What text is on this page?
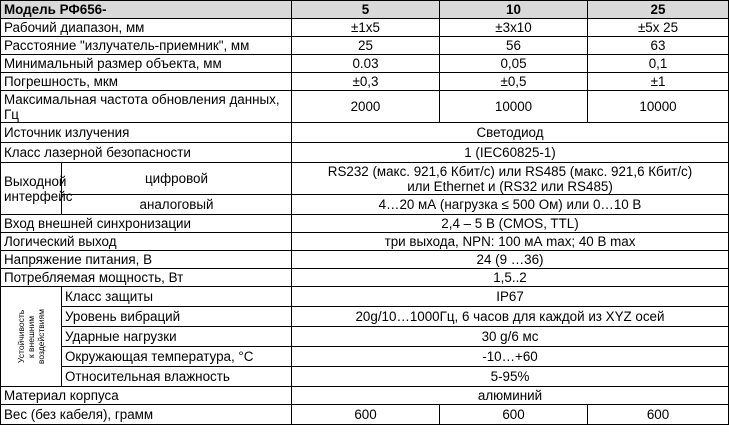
Модель РФ656-		5	10	25
Рабочий диапазон, мм		±1x5	±3x10	±5x 25
Расстояние "излучатель-приемник", мм		25	56	63
Минимальный размер объекта, мм		0.03	0,05	0,1
Погрешность, мкм		±0,3	±0,5	±1

Максимальная частота обновления данных,
Гц		2000	10000	10000
Источник излучения		Светодиод		
Класс лазерной безопасности		1 (IEC60825-1)		

Выходной
интерфейс	цифровой	RS232 (макс. 921,6 Кбит/с) или RS485 (макс. 921,6 Кбит/с)
или Ethernet и (RS32 или RS485)		

	аналоговый	4…20 мА (нагрузка ≤ 500 Ом) или 0…10 В		
Вход внешней синхронизации		2,4 – 5 В (CMOS, TTL)		
Логический выход		три выхода, NPN: 100 мА max; 40 В max		
Напряжение питания, В		24 (9 …36)		
Потребляемая мощность, Вт		1,5..2		

Устойчивость
к внешним
воздействиям	Класс защиты	IP67		
	Уровень вибраций	20g/10…1000Гц, 6 часов для каждой из XYZ осей		
	Ударные нагрузки	30 g/6 мс		
	Окружающая температура, °С	-10…+60		
	Относительная влажность	5-95%		
Материал корпуса		алюминий		
Вес (без кабеля), грамм		600	600	600
